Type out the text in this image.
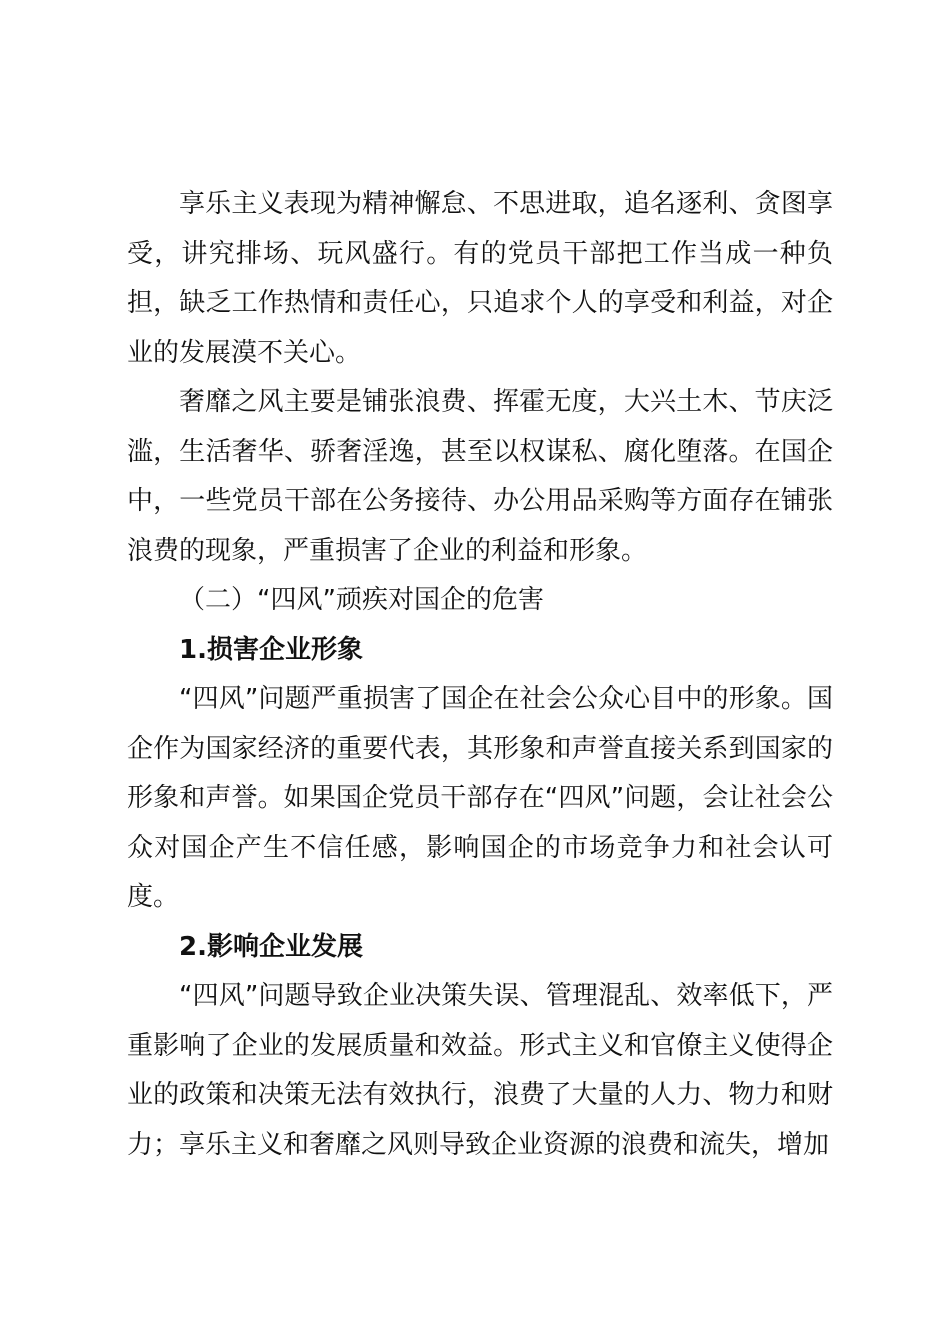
享乐主义表现为精神懈怠、不思进取，追名逐利、贪图享受，讲究排场、玩风盛行。有的党员干部把工作当成一种负担，缺乏工作热情和责任心，只追求个人的享受和利益，对企业的发展漠不关心。

奢靡之风主要是铺张浪费、挥霍无度，大兴土木、节庆泛滥，生活奢华、骄奢淫逸，甚至以权谋私、腐化堕落。在国企中，一些党员干部在公务接待、办公用品采购等方面存在铺张浪费的现象，严重损害了企业的利益和形象。

（二）“四风”顽疾对国企的危害

1.损害企业形象

“四风”问题严重损害了国企在社会公众心目中的形象。国企作为国家经济的重要代表，其形象和声誉直接关系到国家的形象和声誉。如果国企党员干部存在“四风”问题，会让社会公众对国企产生不信任感，影响国企的市场竞争力和社会认可度。

2.影响企业发展

“四风”问题导致企业决策失误、管理混乱、效率低下，严重影响了企业的发展质量和效益。形式主义和官僚主义使得企业的政策和决策无法有效执行，浪费了大量的人力、物力和财力；享乐主义和奢靡之风则导致企业资源的浪费和流失，增加
